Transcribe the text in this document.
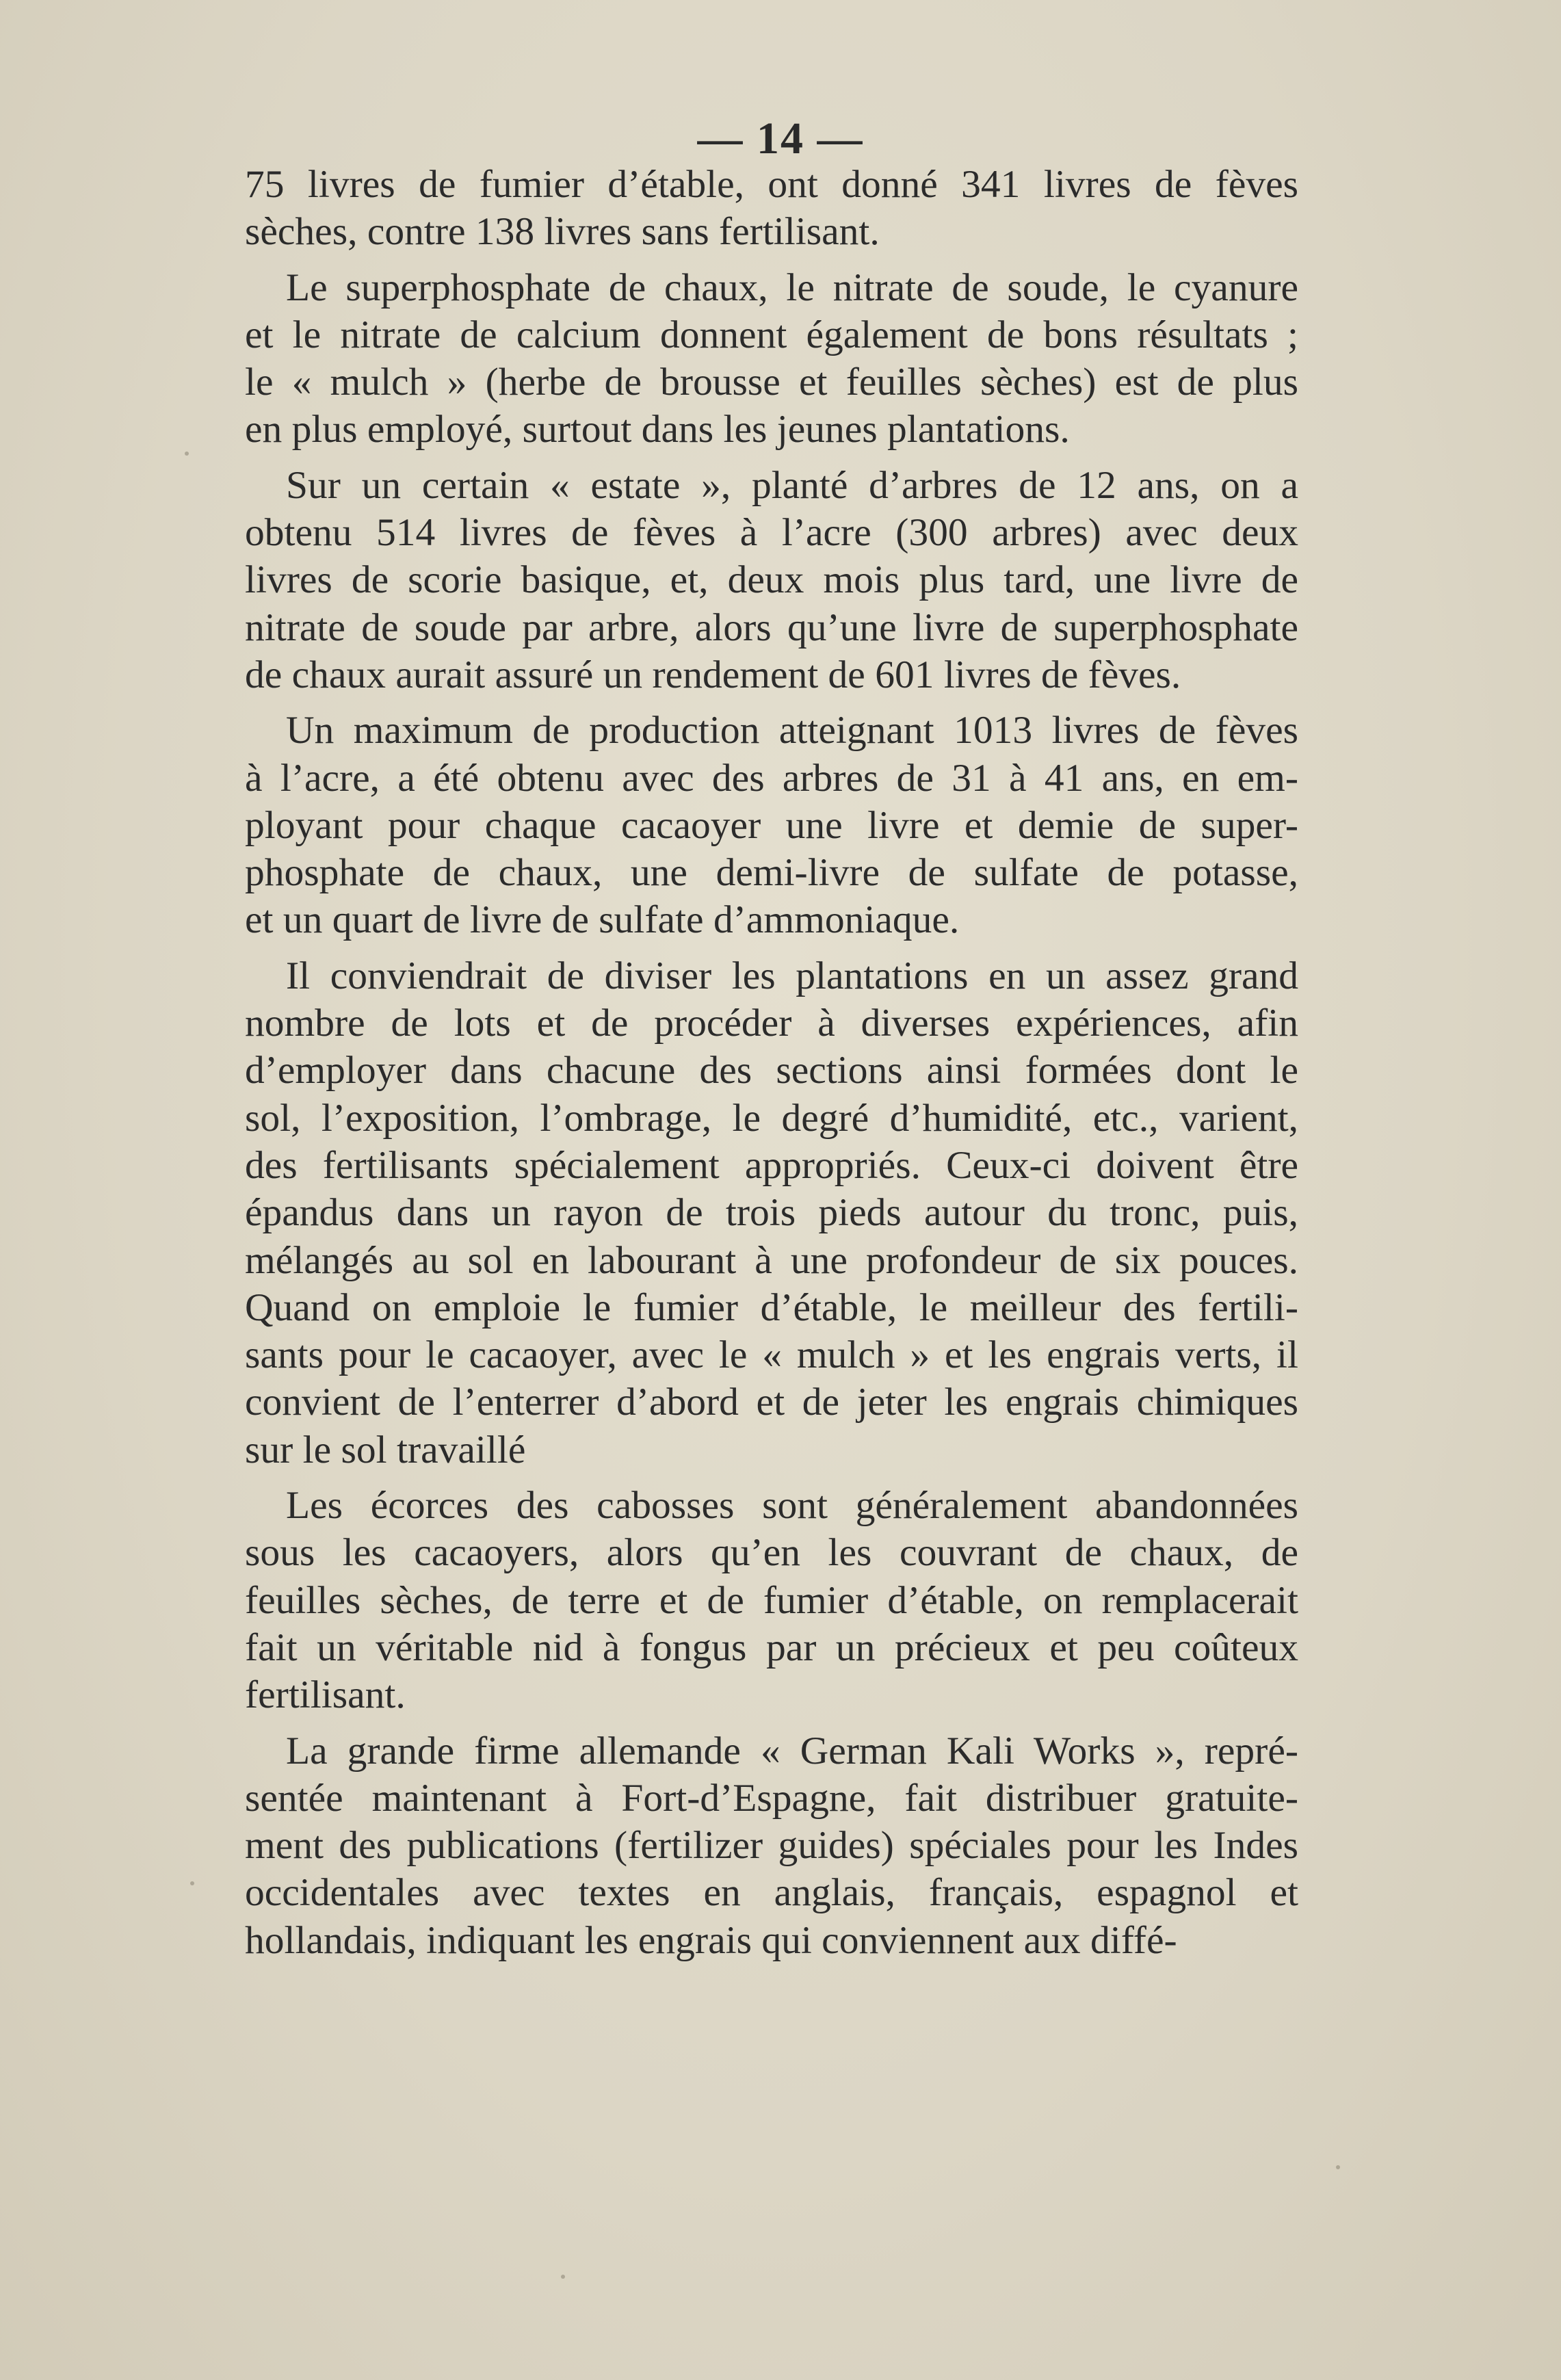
— 14 —
75 livres de fumier d’étable, ont donné 341 livres de fèves
sèches, contre 138 livres sans fertilisant.
Le superphosphate de chaux, le nitrate de soude, le cyanure
et le nitrate de calcium donnent également de bons résultats ;
le « mulch » (herbe de brousse et feuilles sèches) est de plus
en plus employé, surtout dans les jeunes plantations.
Sur un certain « estate », planté d’arbres de 12 ans, on a
obtenu 514 livres de fèves à l’acre (300 arbres) avec deux
livres de scorie basique, et, deux mois plus tard, une livre de
nitrate de soude par arbre, alors qu’une livre de superphosphate
de chaux aurait assuré un rendement de 601 livres de fèves.
Un maximum de production atteignant 1013 livres de fèves
à l’acre, a été obtenu avec des arbres de 31 à 41 ans, en em-
ployant pour chaque cacaoyer une livre et demie de super-
phosphate de chaux, une demi-livre de sulfate de potasse,
et un quart de livre de sulfate d’ammoniaque.
Il conviendrait de diviser les plantations en un assez grand
nombre de lots et de procéder à diverses expériences, afin
d’employer dans chacune des sections ainsi formées dont le
sol, l’exposition, l’ombrage, le degré d’humidité, etc., varient,
des fertilisants spécialement appropriés. Ceux-ci doivent être
épandus dans un rayon de trois pieds autour du tronc, puis,
mélangés au sol en labourant à une profondeur de six pouces.
Quand on emploie le fumier d’étable, le meilleur des fertili-
sants pour le cacaoyer, avec le « mulch » et les engrais verts, il
convient de l’enterrer d’abord et de jeter les engrais chimiques
sur le sol travaillé
Les écorces des cabosses sont généralement abandonnées
sous les cacaoyers, alors qu’en les couvrant de chaux, de
feuilles sèches, de terre et de fumier d’étable, on remplacerait
fait un véritable nid à fongus par un précieux et peu coûteux
fertilisant.
La grande firme allemande « German Kali Works », repré-
sentée maintenant à Fort-d’Espagne, fait distribuer gratuite-
ment des publications (fertilizer guides) spéciales pour les Indes
occidentales avec textes en anglais, français, espagnol et
hollandais, indiquant les engrais qui conviennent aux diffé-
